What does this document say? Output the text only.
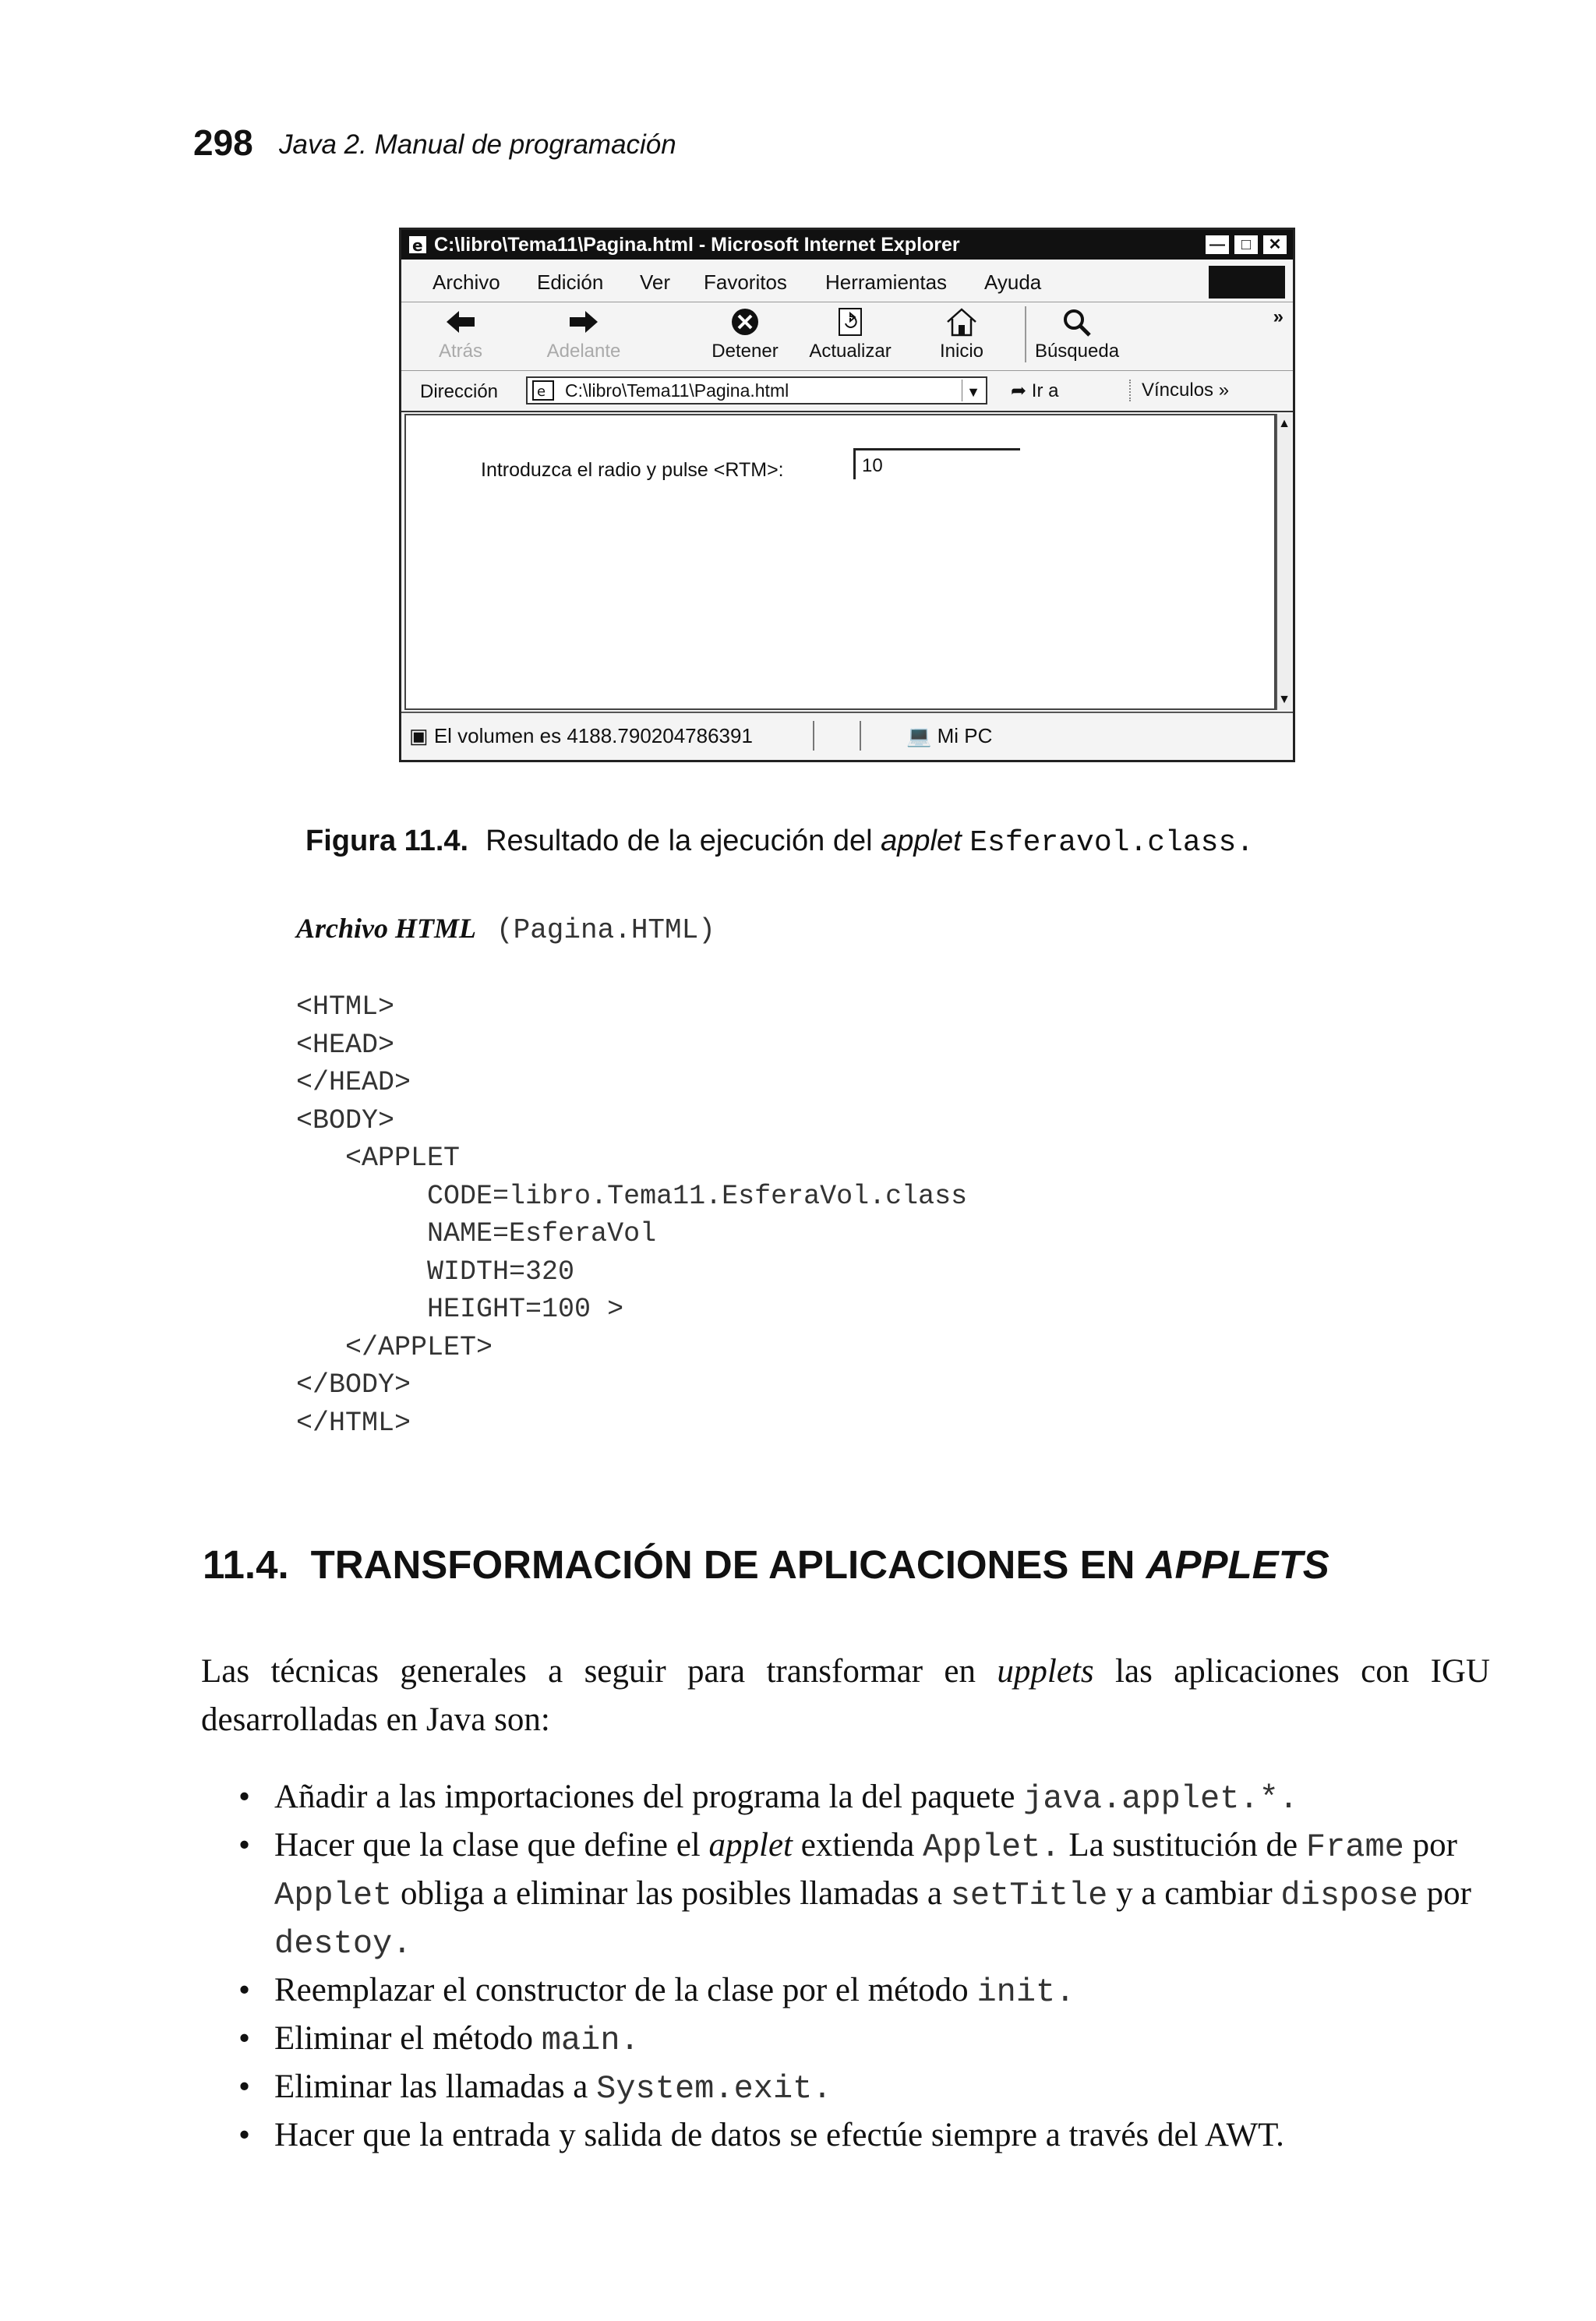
298 Java 2. Manual de programación
e C:\libro\Tema11\Pagina.html - Microsoft Internet Explorer	—	□	✕
Archivo Edición Ver Favoritos Herramientas Ayuda
Atrás	Adelante	Detener	Actualizar	Inicio	Búsqueda
»
Dirección	e C:\libro\Tema11\Pagina.html	▼ ➦ Ir a	Vínculos »
Introduzca el radio y pulse <RTM>:	10
▲
▼
▣ El volumen es 4188.790204786391	💻 Mi PC
Figura 11.4. Resultado de la ejecución del applet Esferavol.class.
Archivo HTML (Pagina.HTML)
<HTML>
<HEAD>
</HEAD>
<BODY>
<APPLET
CODE=libro.Tema11.EsferaVol.class
NAME=EsferaVol
WIDTH=320
HEIGHT=100 >
</APPLET>
</BODY>
</HTML>
11.4. TRANSFORMACIÓN DE APLICACIONES EN APPLETS
Las técnicas generales a seguir para transformar en upplets las aplicaciones con IGU desarrolladas en Java son:
• Añadir a las importaciones del programa la del paquete java.applet.*.
• Hacer que la clase que define el applet extienda Applet. La sustitución de Frame por Applet obliga a eliminar las posibles llamadas a setTitle y a cambiar dispose por destoy.
• Reemplazar el constructor de la clase por el método init.
• Eliminar el método main.
• Eliminar las llamadas a System.exit.
• Hacer que la entrada y salida de datos se efectúe siempre a través del AWT.
